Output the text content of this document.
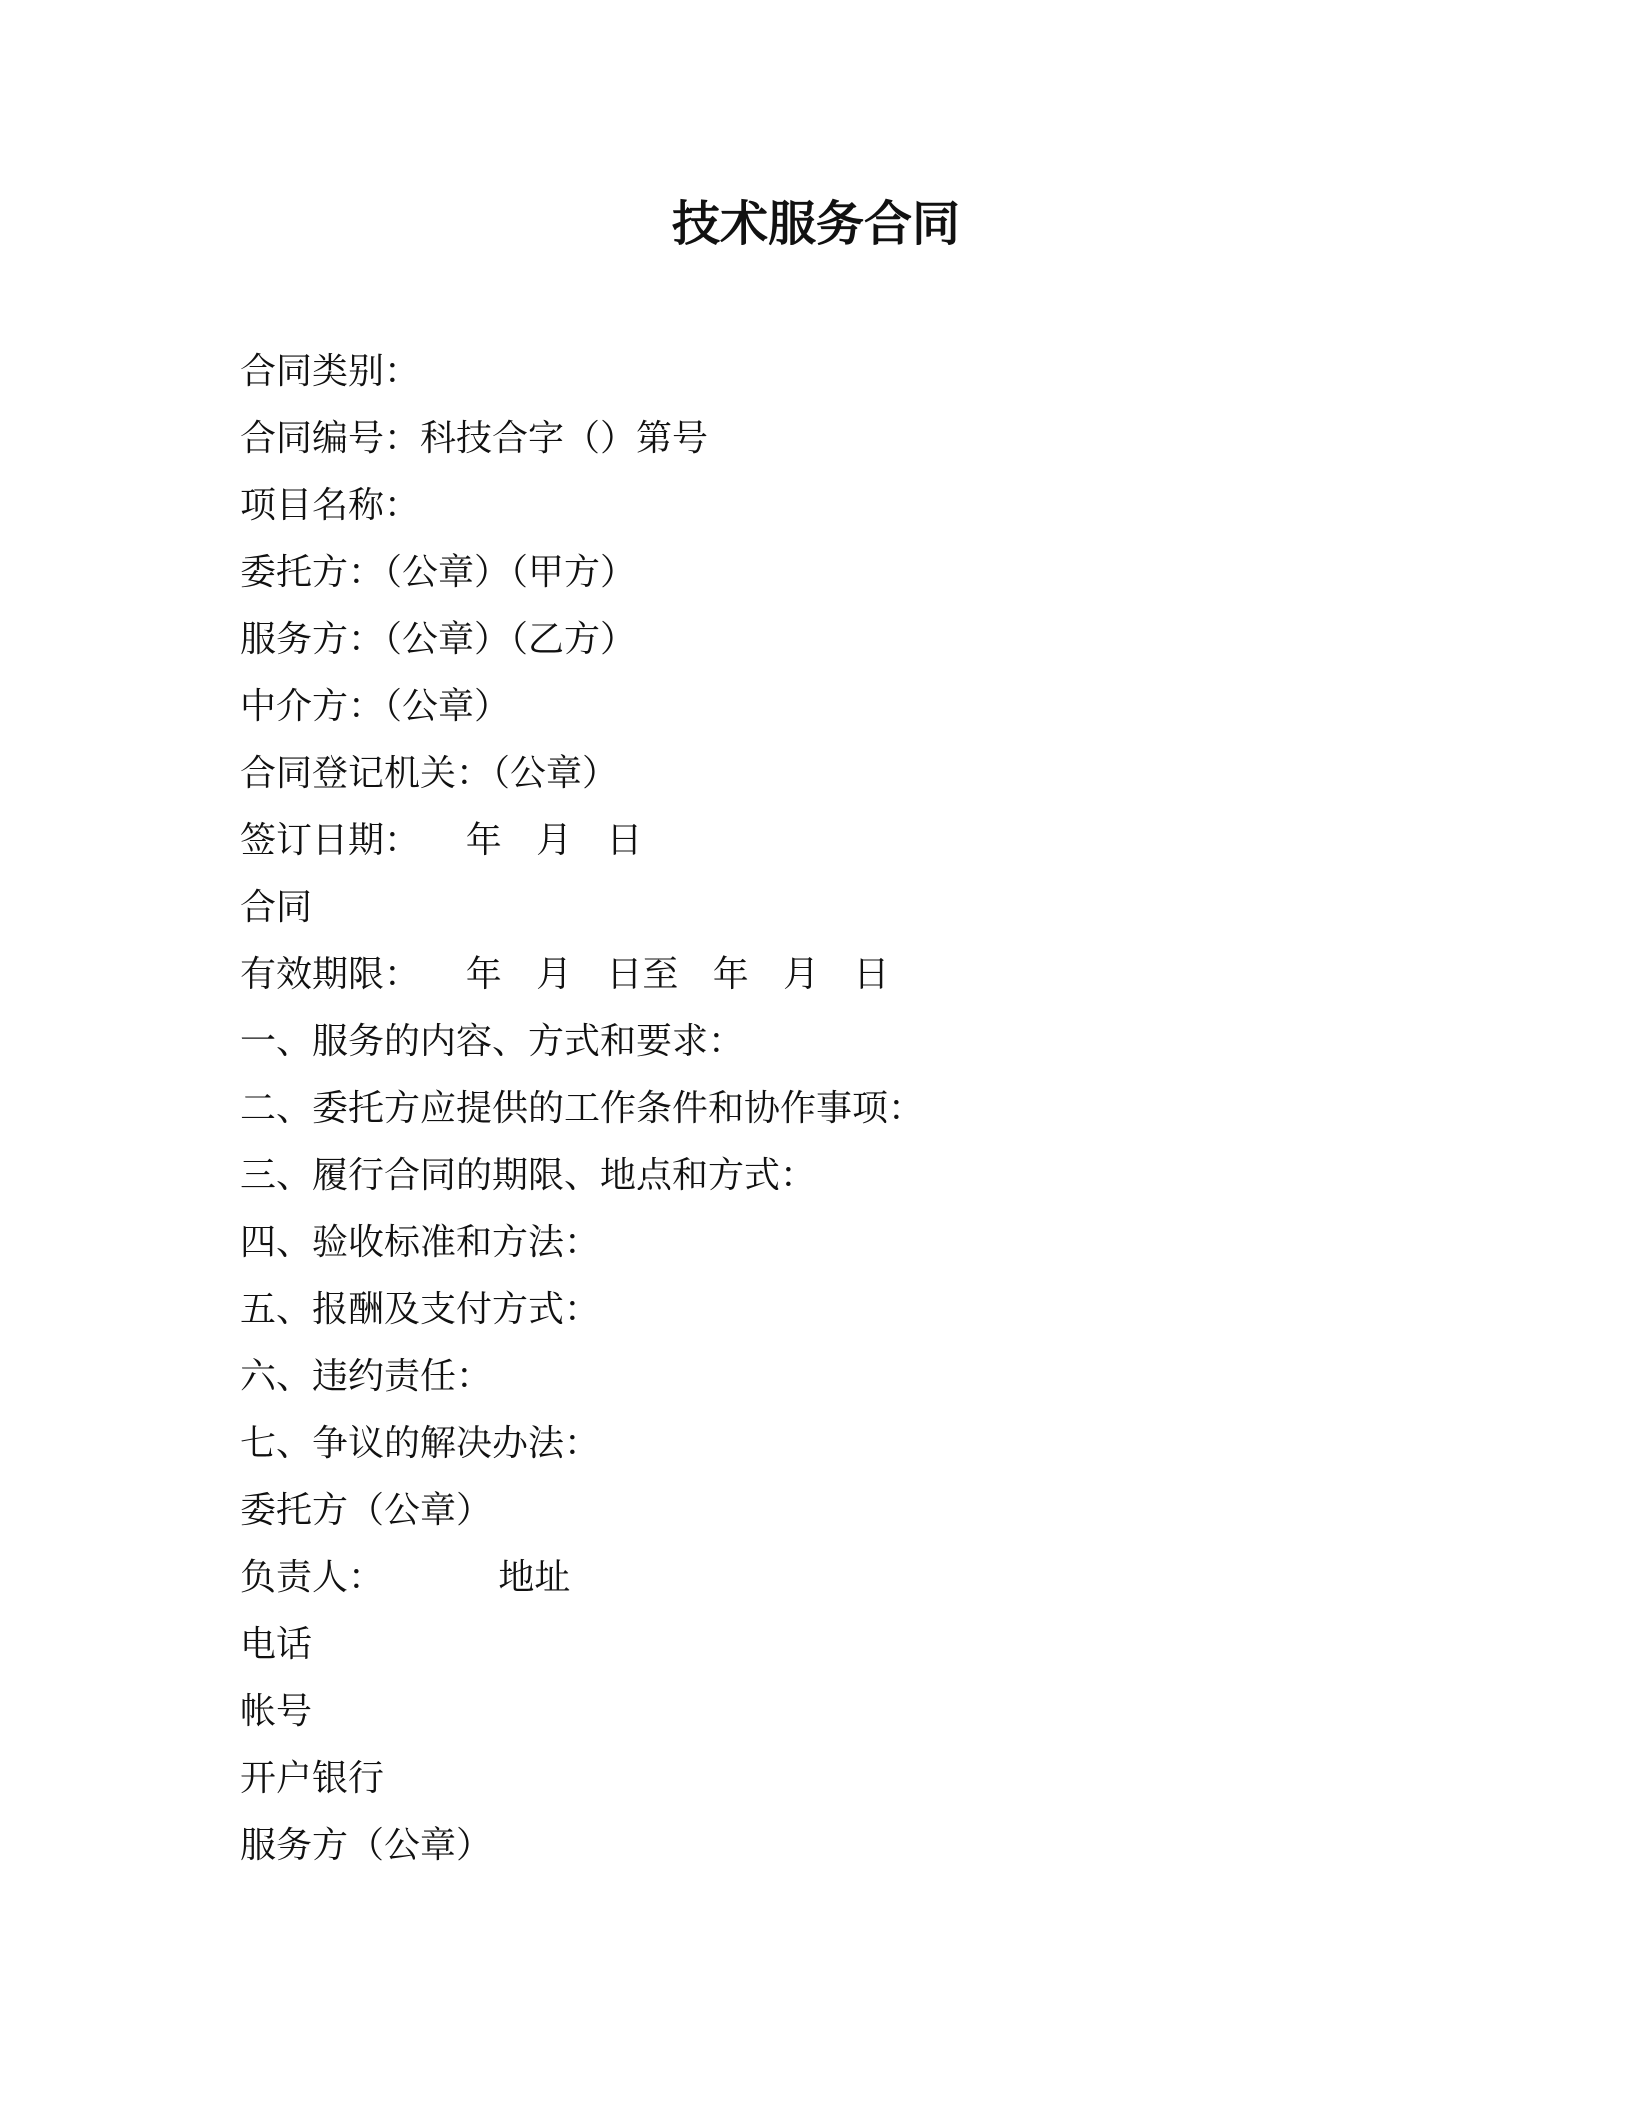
技术服务合同
合同类别：
合同编号：科技合字（）第号
项目名称：
委托方：（公章）（甲方）
服务方：（公章）（乙方）
中介方：（公章）
合同登记机关：（公章）
签订日期：    年   月   日
合同
有效期限：    年   月   日至   年   月   日
一、服务的内容、方式和要求：
二、委托方应提供的工作条件和协作事项：
三、履行合同的期限、地点和方式：
四、验收标准和方法：
五、报酬及支付方式：
六、违约责任：
七、争议的解决办法：
委托方（公章）
负责人：          地址
电话
帐号
开户银行
服务方（公章）
